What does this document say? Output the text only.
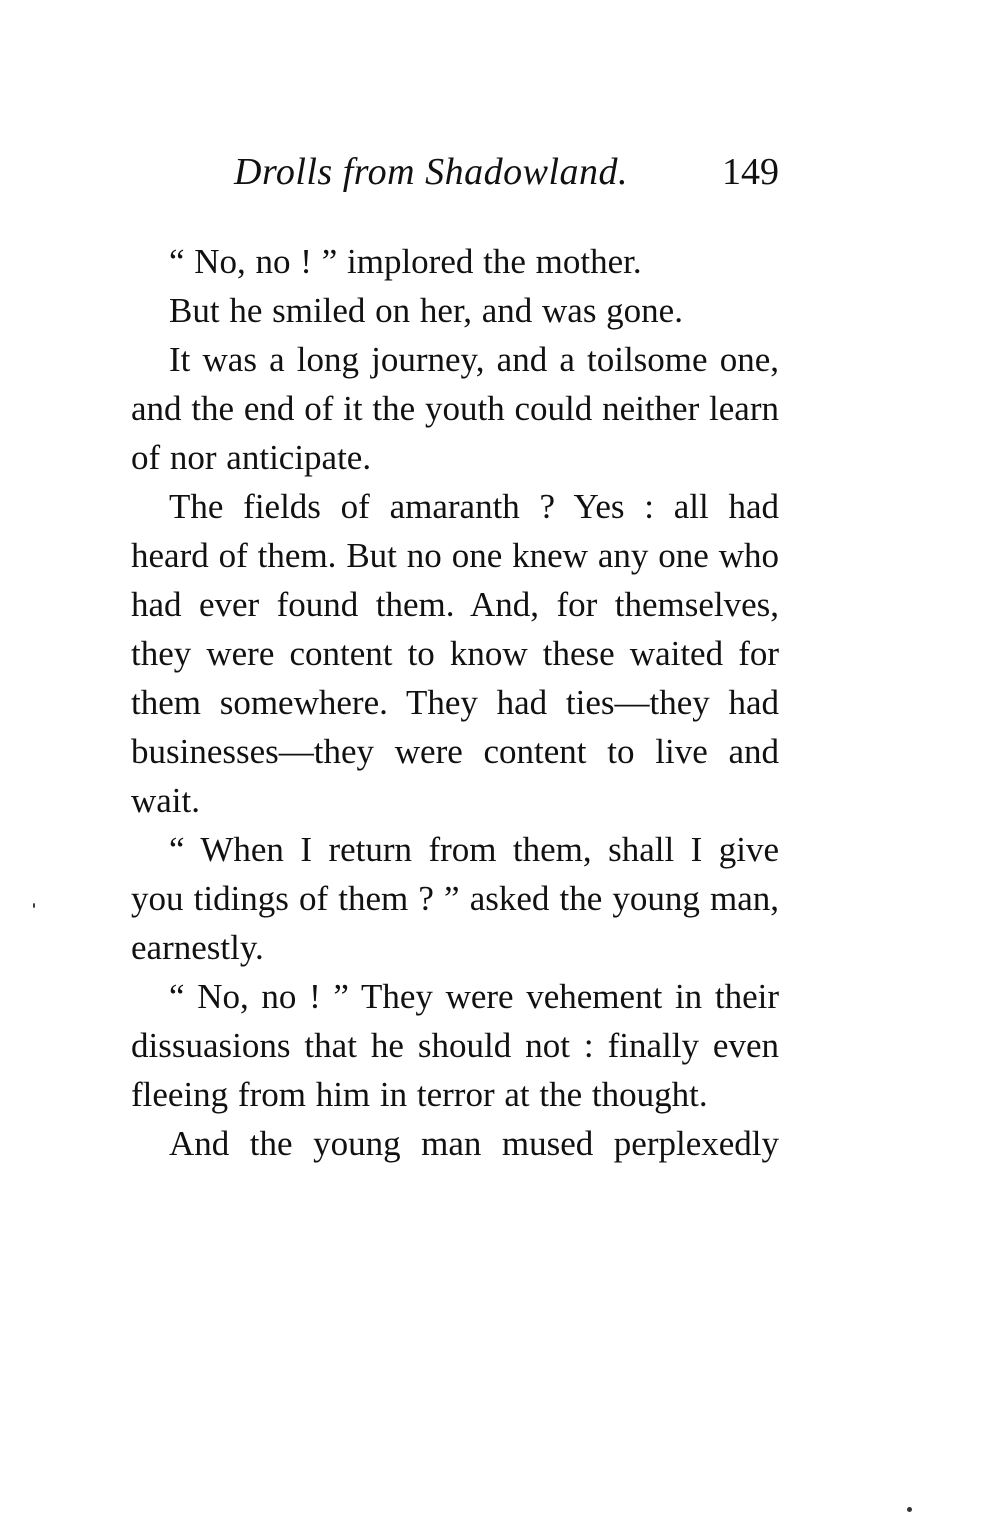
Drolls from Shadowland. 149

“ No, no ! ” implored the mother.

But he smiled on her, and was gone.

It was a long journey, and a toilsome one, and the end of it the youth could neither learn of nor anticipate.

The fields of amaranth ? Yes : all had heard of them. But no one knew any one who had ever found them. And, for themselves, they were content to know these waited for them somewhere. They had ties—they had businesses—they were content to live and wait.

“ When I return from them, shall I give you tidings of them ? ” asked the young man, earnestly.

“ No, no ! ” They were vehement in their dissuasions that he should not : finally even fleeing from him in terror at the thought.

And the young man mused perplexedly
